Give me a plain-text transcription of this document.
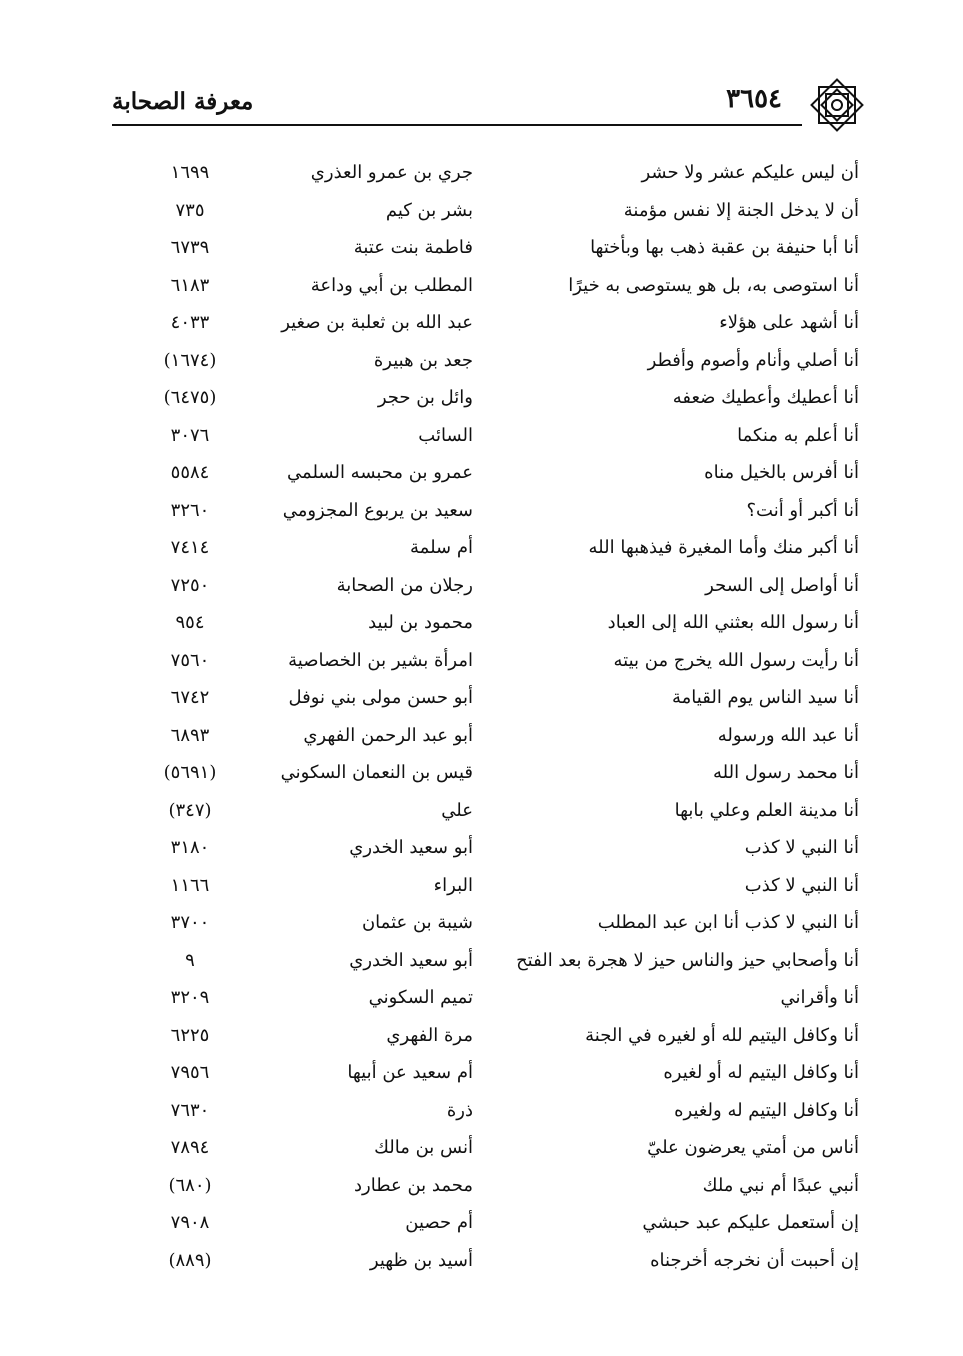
معرفة الصحابة	٣٦٥٤
أن ليس عليكم عشر ولا حشر
جري بن عمرو العذري
١٦٩٩
أن لا يدخل الجنة إلا نفس مؤمنة
بشر بن كيم
٧٣٥
أنا أبا حنيفة بن عقبة ذهب بها وبأختها
فاطمة بنت عتبة
٦٧٣٩
أنا استوصى به، بل هو يستوصى به خيرًا
المطلب بن أبي وداعة
٦١٨٣
أنا أشهد على هؤلاء
عبد الله بن ثعلبة بن صغير
٤٠٣٣
أنا أصلي وأنام وأصوم وأفطر
جعد بن هبيرة
(١٦٧٤)
أنا أعطيك وأعطيك ضعفه
وائل بن حجر
(٦٤٧٥)
أنا أعلم به منكما
السائب
٣٠٧٦
أنا أفرس بالخيل مناه
عمرو بن محبسه السلمي
٥٥٨٤
أنا أكبر أو أنت؟
سعيد بن يربوع المجزومي
٣٢٦٠
أنا أكبر منك وأما المغيرة فيذهبها الله
أم سلمة
٧٤١٤
أنا أواصل إلى السحر
رجلان من الصحابة
٧٢٥٠
أنا رسول الله بعثني الله إلى العباد
محمود بن لبيد
٩٥٤
أنا رأيت رسول الله يخرج من بيته
امرأة بشير بن الخصاصية
٧٥٦٠
أنا سيد الناس يوم القيامة
أبو حسن مولى بني نوفل
٦٧٤٢
أنا عبد الله ورسوله
أبو عبد الرحمن الفهري
٦٨٩٣
أنا محمد رسول الله
قيس بن النعمان السكوني
(٥٦٩١)
أنا مدينة العلم وعلي بابها
علي
(٣٤٧)
أنا النبي لا كذب
أبو سعيد الخدري
٣١٨٠
أنا النبي لا كذب
البراء
١١٦٦
أنا النبي لا كذب أنا ابن عبد المطلب
شيبة بن عثمان
٣٧٠٠
أنا وأصحابي حيز والناس حيز لا هجرة بعد الفتح
أبو سعيد الخدري
٩
أنا وأقراني
تميم السكوني
٣٢٠٩
أنا وكافل اليتيم لله أو لغيره في الجنة
مرة الفهري
٦٢٢٥
أنا وكافل اليتيم له أو لغيره
أم سعيد عن أبيها
٧٩٥٦
أنا وكافل اليتيم له ولغيره
ذرة
٧٦٣٠
أناس من أمتي يعرضون عليّ
أنس بن مالك
٧٨٩٤
أنبي عبدًا أم نبي ملك
محمد بن عطارد
(٦٨٠)
إن أستعمل عليكم عبد حبشي
أم حصين
٧٩٠٨
إن أحببت أن نخرجه أخرجناه
أسيد بن ظهير
(٨٨٩)
